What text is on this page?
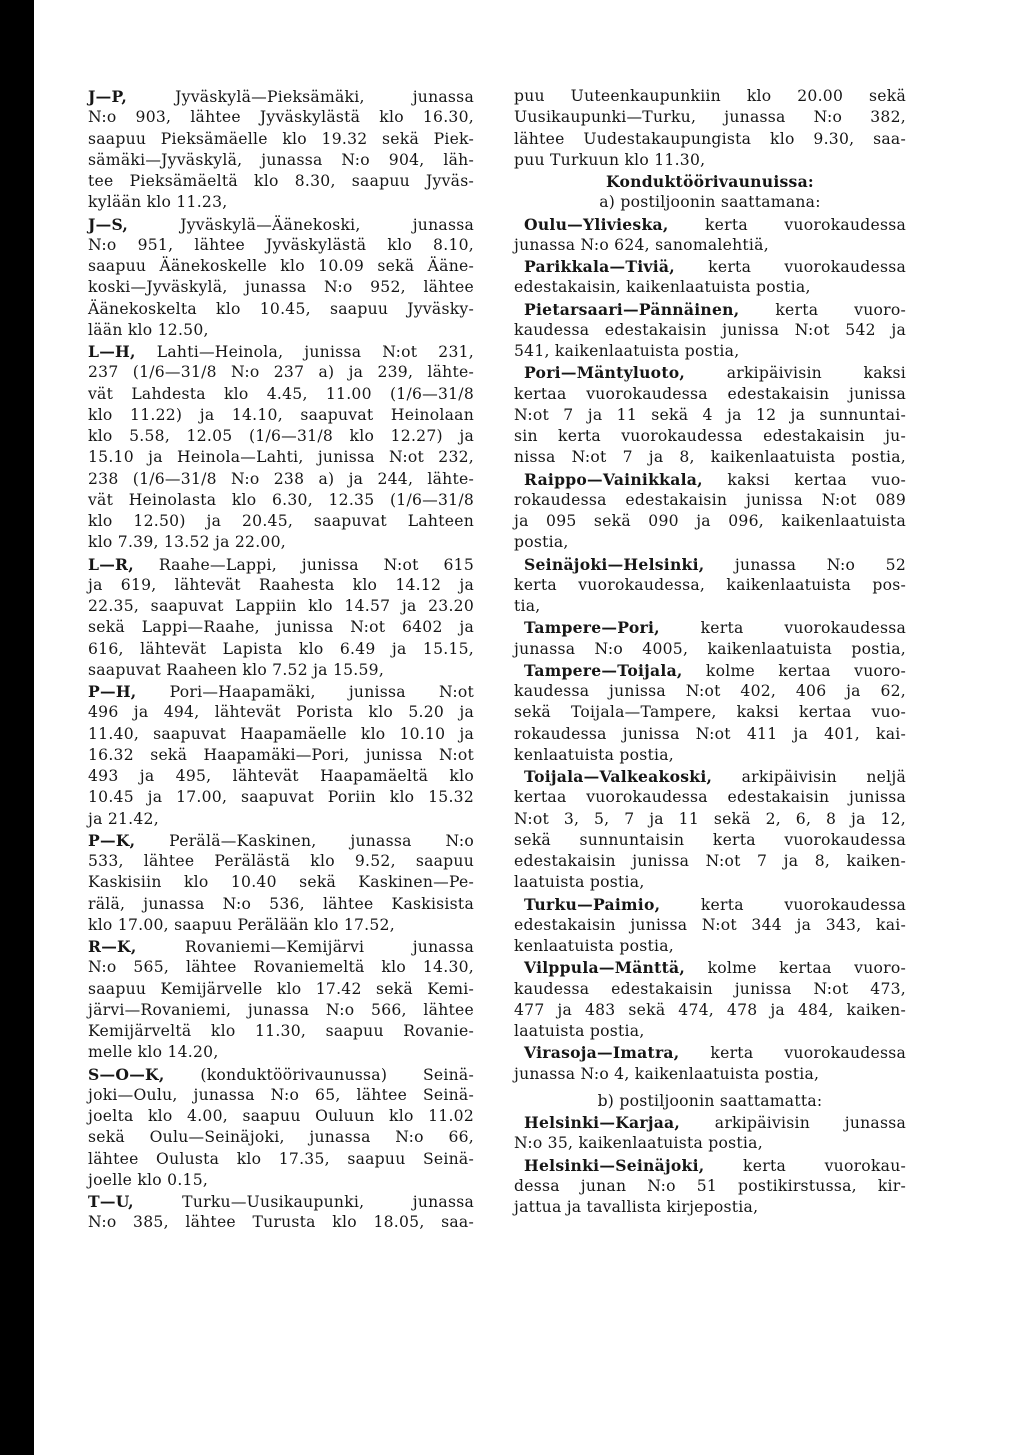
J—P, Jyväskylä—Pieksämäki, junassa
N:o 903, lähtee Jyväskylästä klo 16.30,
saapuu Pieksämäelle klo 19.32 sekä Piek-
sämäki—Jyväskylä, junassa N:o 904, läh-
tee Pieksämäeltä klo 8.30, saapuu Jyväs-
kylään klo 11.23,
J—S, Jyväskylä—Äänekoski, junassa
N:o 951, lähtee Jyväskylästä klo 8.10,
saapuu Äänekoskelle klo 10.09 sekä Ääne-
koski—Jyväskylä, junassa N:o 952, lähtee
Äänekoskelta klo 10.45, saapuu Jyväsky-
lään klo 12.50,
L—H, Lahti—Heinola, junissa N:ot 231,
237 (1/6—31/8 N:o 237 a) ja 239, lähte-
vät Lahdesta klo 4.45, 11.00 (1/6—31/8
klo 11.22) ja 14.10, saapuvat Heinolaan
klo 5.58, 12.05 (1/6—31/8 klo 12.27) ja
15.10 ja Heinola—Lahti, junissa N:ot 232,
238 (1/6—31/8 N:o 238 a) ja 244, lähte-
vät Heinolasta klo 6.30, 12.35 (1/6—31/8
klo 12.50) ja 20.45, saapuvat Lahteen
klo 7.39, 13.52 ja 22.00,
L—R, Raahe—Lappi, junissa N:ot 615
ja 619, lähtevät Raahesta klo 14.12 ja
22.35, saapuvat Lappiin klo 14.57 ja 23.20
sekä Lappi—Raahe, junissa N:ot 6402 ja
616, lähtevät Lapista klo 6.49 ja 15.15,
saapuvat Raaheen klo 7.52 ja 15.59,
P—H, Pori—Haapamäki, junissa N:ot
496 ja 494, lähtevät Porista klo 5.20 ja
11.40, saapuvat Haapamäelle klo 10.10 ja
16.32 sekä Haapamäki—Pori, junissa N:ot
493 ja 495, lähtevät Haapamäeltä klo
10.45 ja 17.00, saapuvat Poriin klo 15.32
ja 21.42,
P—K, Perälä—Kaskinen, junassa N:o
533, lähtee Perälästä klo 9.52, saapuu
Kaskisiin klo 10.40 sekä Kaskinen—Pe-
rälä, junassa N:o 536, lähtee Kaskisista
klo 17.00, saapuu Perälään klo 17.52,
R—K, Rovaniemi—Kemijärvi junassa
N:o 565, lähtee Rovaniemeltä klo 14.30,
saapuu Kemijärvelle klo 17.42 sekä Kemi-
järvi—Rovaniemi, junassa N:o 566, lähtee
Kemijärveltä klo 11.30, saapuu Rovanie-
melle klo 14.20,
S—O—K, (konduktöörivaunussa) Seinä-
joki—Oulu, junassa N:o 65, lähtee Seinä-
joelta klo 4.00, saapuu Ouluun klo 11.02
sekä Oulu—Seinäjoki, junassa N:o 66,
lähtee Oulusta klo 17.35, saapuu Seinä-
joelle klo 0.15,
T—U, Turku—Uusikaupunki, junassa
N:o 385, lähtee Turusta klo 18.05, saa-
puu Uuteenkaupunkiin klo 20.00 sekä
Uusikaupunki—Turku, junassa N:o 382,
lähtee Uudestakaupungista klo 9.30, saa-
puu Turkuun klo 11.30,
Konduktöörivaunuissa:
a) postiljoonin saattamana:
Oulu—Ylivieska, kerta vuorokaudessa
junassa N:o 624, sanomalehtiä,
Parikkala—Tiviä, kerta vuorokaudessa
edestakaisin, kaikenlaatuista postia,
Pietarsaari—Pännäinen, kerta vuoro-
kaudessa edestakaisin junissa N:ot 542 ja
541, kaikenlaatuista postia,
Pori—Mäntyluoto, arkipäivisin kaksi
kertaa vuorokaudessa edestakaisin junissa
N:ot 7 ja 11 sekä 4 ja 12 ja sunnuntai-
sin kerta vuorokaudessa edestakaisin ju-
nissa N:ot 7 ja 8, kaikenlaatuista postia,
Raippo—Vainikkala, kaksi kertaa vuo-
rokaudessa edestakaisin junissa N:ot 089
ja 095 sekä 090 ja 096, kaikenlaatuista
postia,
Seinäjoki—Helsinki, junassa N:o 52
kerta vuorokaudessa, kaikenlaatuista pos-
tia,
Tampere—Pori, kerta vuorokaudessa
junassa N:o 4005, kaikenlaatuista postia,
Tampere—Toijala, kolme kertaa vuoro-
kaudessa junissa N:ot 402, 406 ja 62,
sekä Toijala—Tampere, kaksi kertaa vuo-
rokaudessa junissa N:ot 411 ja 401, kai-
kenlaatuista postia,
Toijala—Valkeakoski, arkipäivisin neljä
kertaa vuorokaudessa edestakaisin junissa
N:ot 3, 5, 7 ja 11 sekä 2, 6, 8 ja 12,
sekä sunnuntaisin kerta vuorokaudessa
edestakaisin junissa N:ot 7 ja 8, kaiken-
laatuista postia,
Turku—Paimio, kerta vuorokaudessa
edestakaisin junissa N:ot 344 ja 343, kai-
kenlaatuista postia,
Vilppula—Mänttä, kolme kertaa vuoro-
kaudessa edestakaisin junissa N:ot 473,
477 ja 483 sekä 474, 478 ja 484, kaiken-
laatuista postia,
Virasoja—Imatra, kerta vuorokaudessa
junassa N:o 4, kaikenlaatuista postia,
b) postiljoonin saattamatta:
Helsinki—Karjaa, arkipäivisin junassa
N:o 35, kaikenlaatuista postia,
Helsinki—Seinäjoki, kerta vuorokau-
dessa junan N:o 51 postikirstussa, kir-
jattua ja tavallista kirjepostia,
